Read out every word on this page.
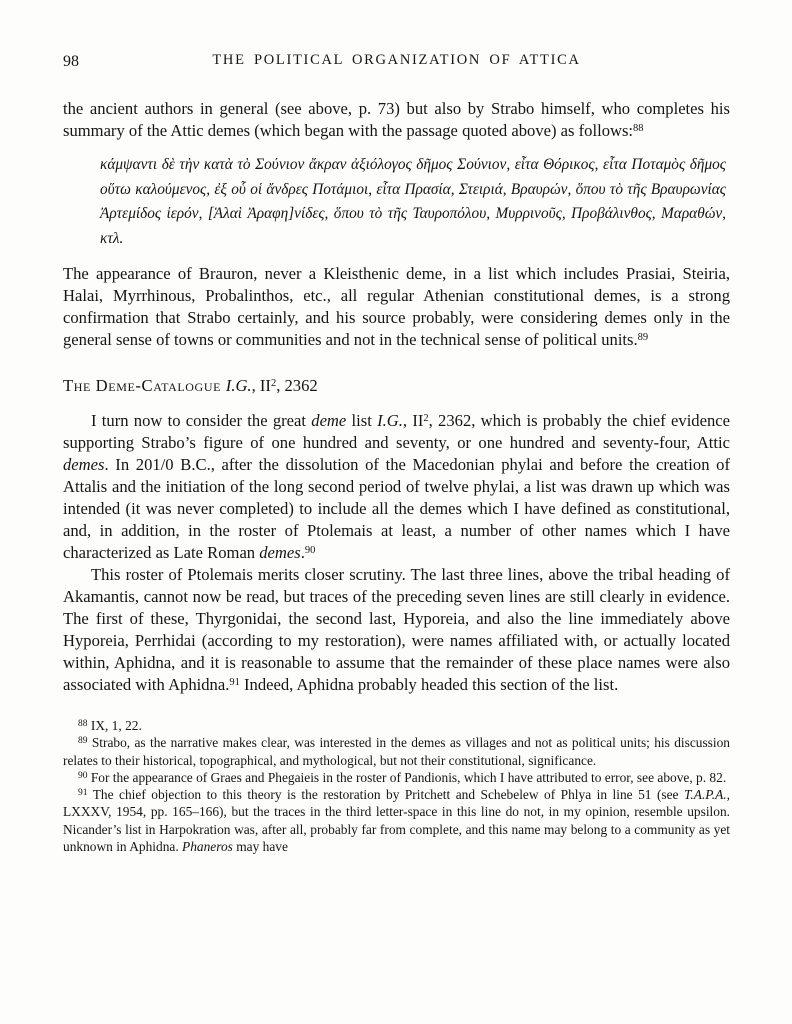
98	THE POLITICAL ORGANIZATION OF ATTICA

the ancient authors in general (see above, p. 73) but also by Strabo himself, who completes his summary of the Attic demes (which began with the passage quoted above) as follows:$^{88}$

κάμψαντι δὲ τὴν κατὰ τὸ Σούνιον ἄκραν ἀξιόλογος δῆμος Σούνιον, εἶτα Θόρικος, εἶτα Ποταμὸς δῆμος οὕτω καλούμενος, ἐξ οὗ οἱ ἄνδρες Ποτάμιοι, εἶτα Πρασία, Στειριά, Βραυρών, ὅπου τὸ τῆς Βραυρωνίας Ἀρτεμίδος ἱερόν, [Ἁλαὶ Ἀραφη]νίδες, ὅπου τὸ τῆς Ταυροπόλου, Μυρρινοῦς, Προβάλινθος, Μαραθών, κτλ.

The appearance of Brauron, never a Kleisthenic deme, in a list which includes Prasiai, Steiria, Halai, Myrrhinous, Probalinthos, etc., all regular Athenian constitutional demes, is a strong confirmation that Strabo certainly, and his source probably, were considering demes only in the general sense of towns or communities and not in the technical sense of political units.$^{89}$

The Deme-Catalogue I.G., II$^2$, 2362

I turn now to consider the great deme list I.G., II$^2$, 2362, which is probably the chief evidence supporting Strabo’s figure of one hundred and seventy, or one hundred and seventy-four, Attic demes. In 201/0 B.C., after the dissolution of the Macedonian phylai and before the creation of Attalis and the initiation of the long second period of twelve phylai, a list was drawn up which was intended (it was never completed) to include all the demes which I have defined as constitutional, and, in addition, in the roster of Ptolemais at least, a number of other names which I have characterized as Late Roman demes.$^{90}$

This roster of Ptolemais merits closer scrutiny. The last three lines, above the tribal heading of Akamantis, cannot now be read, but traces of the preceding seven lines are still clearly in evidence. The first of these, Thyrgonidai, the second last, Hyporeia, and also the line immediately above Hyporeia, Perrhidai (according to my restoration), were names affiliated with, or actually located within, Aphidna, and it is reasonable to assume that the remainder of these place names were also associated with Aphidna.$^{91}$ Indeed, Aphidna probably headed this section of the list.

$^{88}$ IX, 1, 22.

$^{89}$ Strabo, as the narrative makes clear, was interested in the demes as villages and not as political units; his discussion relates to their historical, topographical, and mythological, but not their constitutional, significance.

$^{90}$ For the appearance of Graes and Phegaieis in the roster of Pandionis, which I have attributed to error, see above, p. 82.

$^{91}$ The chief objection to this theory is the restoration by Pritchett and Schebelew of Phlya in line 51 (see T.A.P.A., LXXXV, 1954, pp. 165–166), but the traces in the third letter-space in this line do not, in my opinion, resemble upsilon. Nicander’s list in Harpokration was, after all, probably far from complete, and this name may belong to a community as yet unknown in Aphidna. Phaneros may have
